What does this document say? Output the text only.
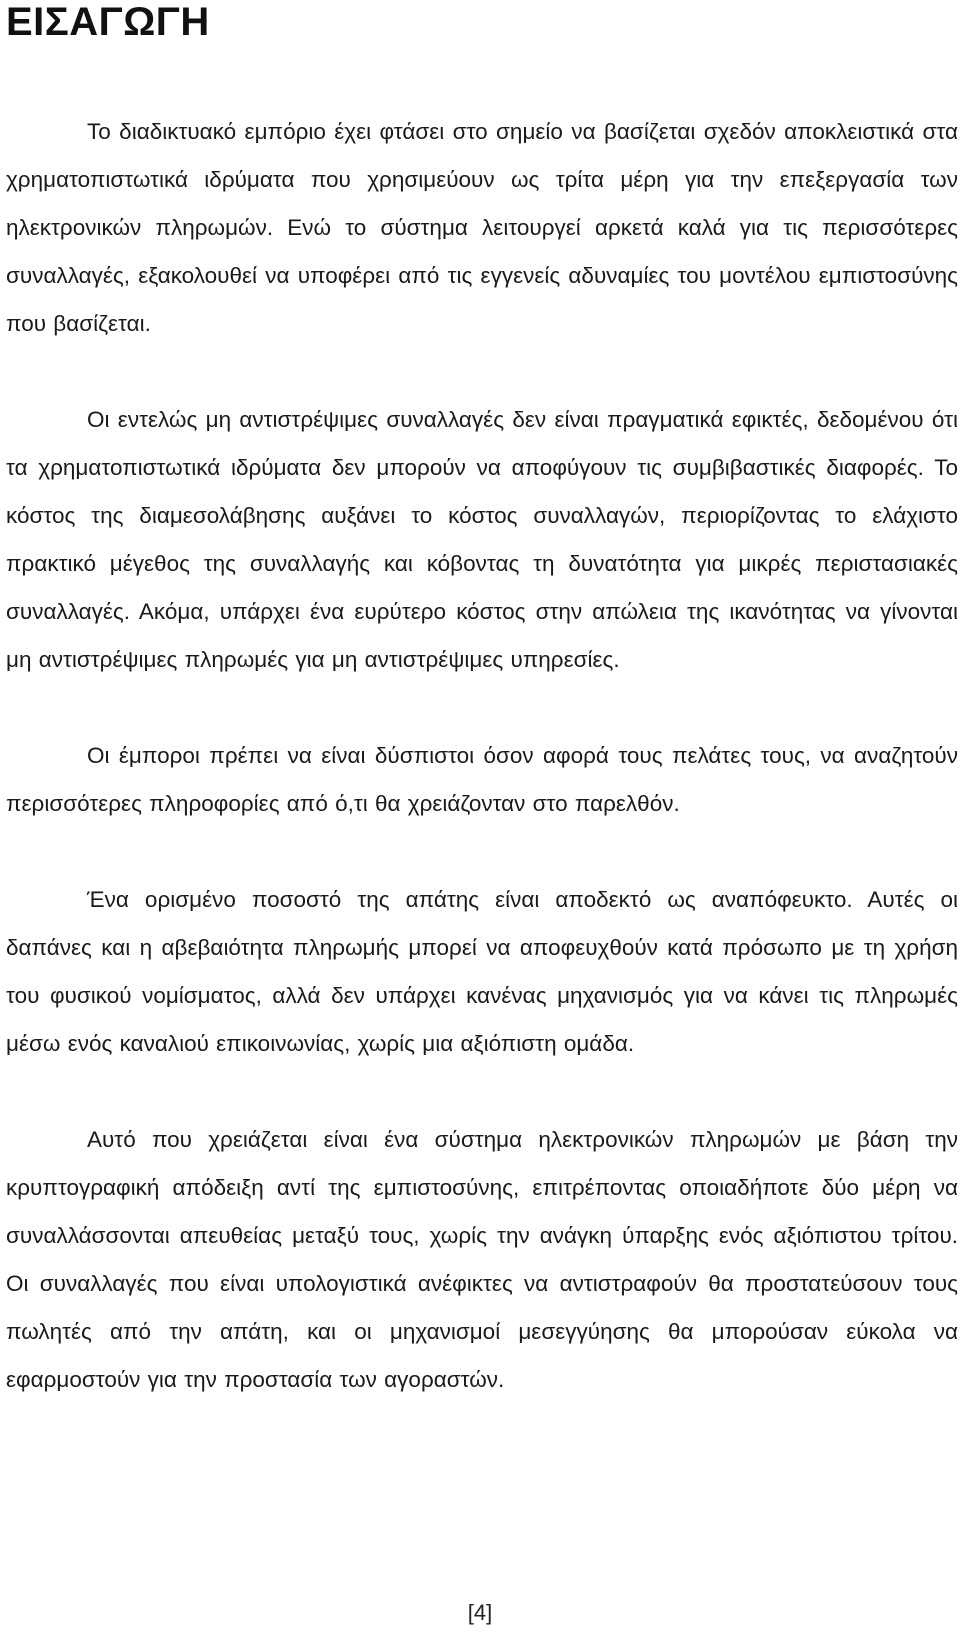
ΕΙΣΑΓΩΓΗ

Το διαδικτυακό εμπόριο έχει φτάσει στο σημείο να βασίζεται σχεδόν αποκλειστικά στα χρηματοπιστωτικά ιδρύματα που χρησιμεύουν ως τρίτα μέρη για την επεξεργασία των ηλεκτρονικών πληρωμών. Ενώ το σύστημα λειτουργεί αρκετά καλά για τις περισσότερες συναλλαγές, εξακολουθεί να υποφέρει από τις εγγενείς αδυναμίες του μοντέλου εμπιστοσύνης που βασίζεται.

Οι εντελώς μη αντιστρέψιμες συναλλαγές δεν είναι πραγματικά εφικτές, δεδομένου ότι τα χρηματοπιστωτικά ιδρύματα δεν μπορούν να αποφύγουν τις συμβιβαστικές διαφορές. Το κόστος της διαμεσολάβησης αυξάνει το κόστος συναλλαγών, περιορίζοντας το ελάχιστο πρακτικό μέγεθος της συναλλαγής και κόβοντας τη δυνατότητα για μικρές περιστασιακές συναλλαγές. Ακόμα, υπάρχει ένα ευρύτερο κόστος στην απώλεια της ικανότητας να γίνονται μη αντιστρέψιμες πληρωμές για μη αντιστρέψιμες υπηρεσίες.

Οι έμποροι πρέπει να είναι δύσπιστοι όσον αφορά τους πελάτες τους, να αναζητούν περισσότερες πληροφορίες από ό,τι θα χρειάζονταν στο παρελθόν.

Ένα ορισμένο ποσοστό της απάτης είναι αποδεκτό ως αναπόφευκτο. Αυτές οι δαπάνες και η αβεβαιότητα πληρωμής μπορεί να αποφευχθούν κατά πρόσωπο με τη χρήση του φυσικού νομίσματος, αλλά δεν υπάρχει κανένας μηχανισμός για να κάνει τις πληρωμές μέσω ενός καναλιού επικοινωνίας, χωρίς μια αξιόπιστη ομάδα.

Αυτό που χρειάζεται είναι ένα σύστημα ηλεκτρονικών πληρωμών με βάση την κρυπτογραφική απόδειξη αντί της εμπιστοσύνης, επιτρέποντας οποιαδήποτε δύο μέρη να συναλλάσσονται απευθείας μεταξύ τους, χωρίς την ανάγκη ύπαρξης ενός αξιόπιστου τρίτου. Οι συναλλαγές που είναι υπολογιστικά ανέφικτες να αντιστραφούν θα προστατεύσουν τους πωλητές από την απάτη, και οι μηχανισμοί μεσεγγύησης θα μπορούσαν εύκολα να εφαρμοστούν για την προστασία των αγοραστών.

[4]
